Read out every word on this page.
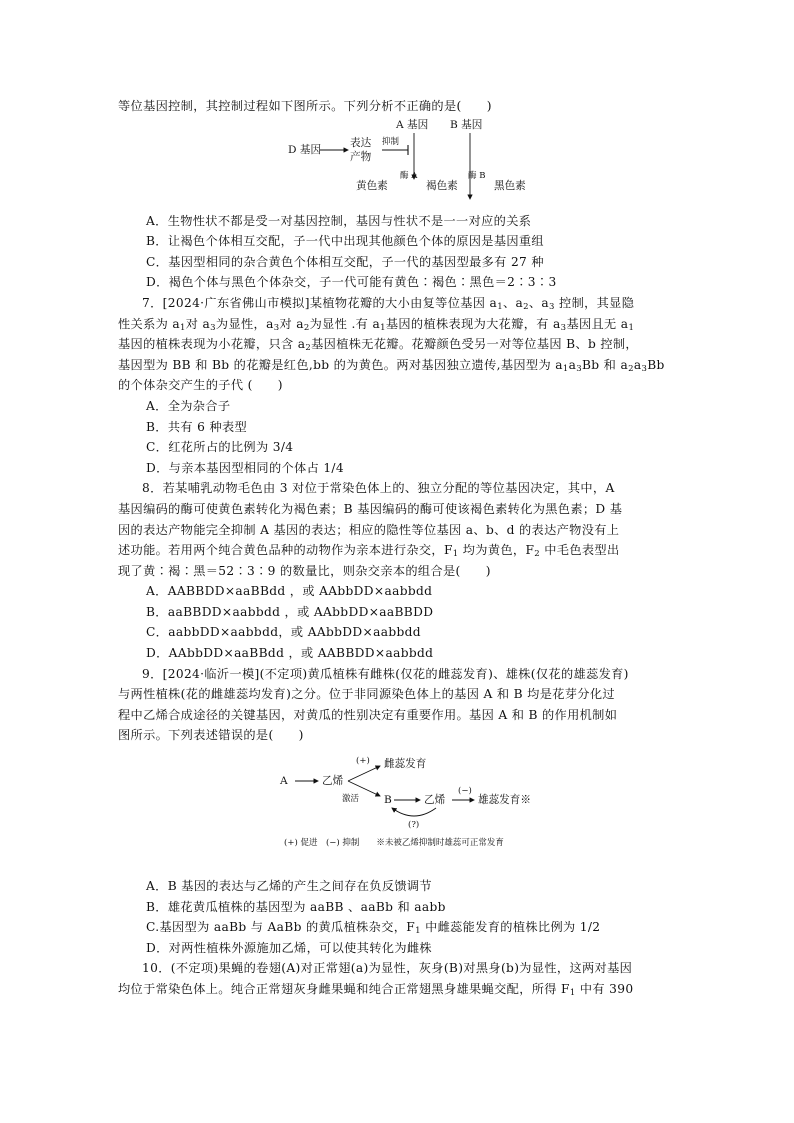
等位基因控制，其控制过程如下图所示。下列分析不正确的是(　　)
A 基因 B 基因
表达
产物
抑制
D 基因
黄色素
酶 A
褐色素
酶 B
黑色素
A．生物性状不都是受一对基因控制，基因与性状不是一一对应的关系
B．让褐色个体相互交配，子一代中出现其他颜色个体的原因是基因重组
C．基因型相同的杂合黄色个体相互交配，子一代的基因型最多有 27 种
D．褐色个体与黑色个体杂交，子一代可能有黄色∶褐色∶黑色＝2∶3∶3
7．[2024·广东省佛山市模拟]某植物花瓣的大小由复等位基因 $a_1$、$a_2$、$a_3$ 控制，其显隐
性关系为 $a_1$对 $a_3$为显性，$a_3$对 $a_2$为显性 .有 $a_1$基因的植株表现为大花瓣，有 $a_3$基因且无 $a_1$
基因的植株表现为小花瓣，只含 $a_2$基因植株无花瓣。花瓣颜色受另一对等位基因 B、b 控制，
基因型为 BB 和 Bb 的花瓣是红色,bb 的为黄色。两对基因独立遗传,基因型为 $a_1a_3Bb$ 和 $a_2a_3Bb$
的个体杂交产生的子代 (　　)
A．全为杂合子
B．共有 6 种表型
C．红花所占的比例为 3/4
D．与亲本基因型相同的个体占 1/4
8．若某哺乳动物毛色由 3 对位于常染色体上的、独立分配的等位基因决定，其中，A
基因编码的酶可使黄色素转化为褐色素；B 基因编码的酶可使该褐色素转化为黑色素；D 基
因的表达产物能完全抑制 A 基因的表达；相应的隐性等位基因 a、b、d 的表达产物没有上
述功能。若用两个纯合黄色品种的动物作为亲本进行杂交，$F_1$ 均为黄色，$F_2$ 中毛色表型出
现了黄∶褐∶黑＝52∶3∶9 的数量比，则杂交亲本的组合是(　　)
A．AABBDD×aaBBdd ，或 AAbbDD×aabbdd
B．aaBBDD×aabbdd ，或 AAbbDD×aaBBDD
C．aabbDD×aabbdd，或 AAbbDD×aabbdd
D．AAbbDD×aaBBdd ，或 AABBDD×aabbdd
9．[2024·临沂一模](不定项)黄瓜植株有雌株(仅花的雌蕊发育)、雄株(仅花的雄蕊发育)
与两性植株(花的雌雄蕊均发育)之分。位于非同源染色体上的基因 A 和 B 均是花芽分化过
程中乙烯合成途径的关键基因，对黄瓜的性别决定有重要作用。基因 A 和 B 的作用机制如
图所示。下列表述错误的是(　　)
A	乙烯
(+) 雌蕊发育
激活 B	乙烯
(−)
雄蕊发育※
(?)
(+) 促进　(−) 抑制　　※未被乙烯抑制时雄蕊可正常发育
A．B 基因的表达与乙烯的产生之间存在负反馈调节
B．雄花黄瓜植株的基因型为 aaBB 、aaBb 和 aabb
C.基因型为 aaBb 与 AaBb 的黄瓜植株杂交，$F_1$ 中雌蕊能发育的植株比例为 1/2
D．对两性植株外源施加乙烯，可以使其转化为雌株
10．(不定项)果蝇的卷翅(A)对正常翅(a)为显性，灰身(B)对黑身(b)为显性，这两对基因
均位于常染色体上。纯合正常翅灰身雌果蝇和纯合正常翅黑身雄果蝇交配，所得 $F_1$ 中有 390
